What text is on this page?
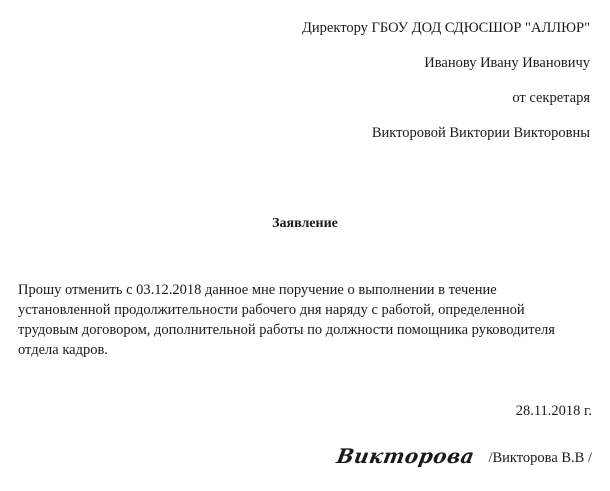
Директору ГБОУ ДОД СДЮСШОР "АЛЛЮР"
Иванову Ивану Ивановичу
от секретаря
Викторовой Виктории Викторовны
Заявление
Прошу отменить с 03.12.2018 данное мне поручение о выполнении в течение
установленной продолжительности рабочего дня наряду с работой, определенной
трудовым договором, дополнительной работы по должности помощника руководителя
отдела кадров.
28.11.2018 г.
Викторова /Викторова В.В /
